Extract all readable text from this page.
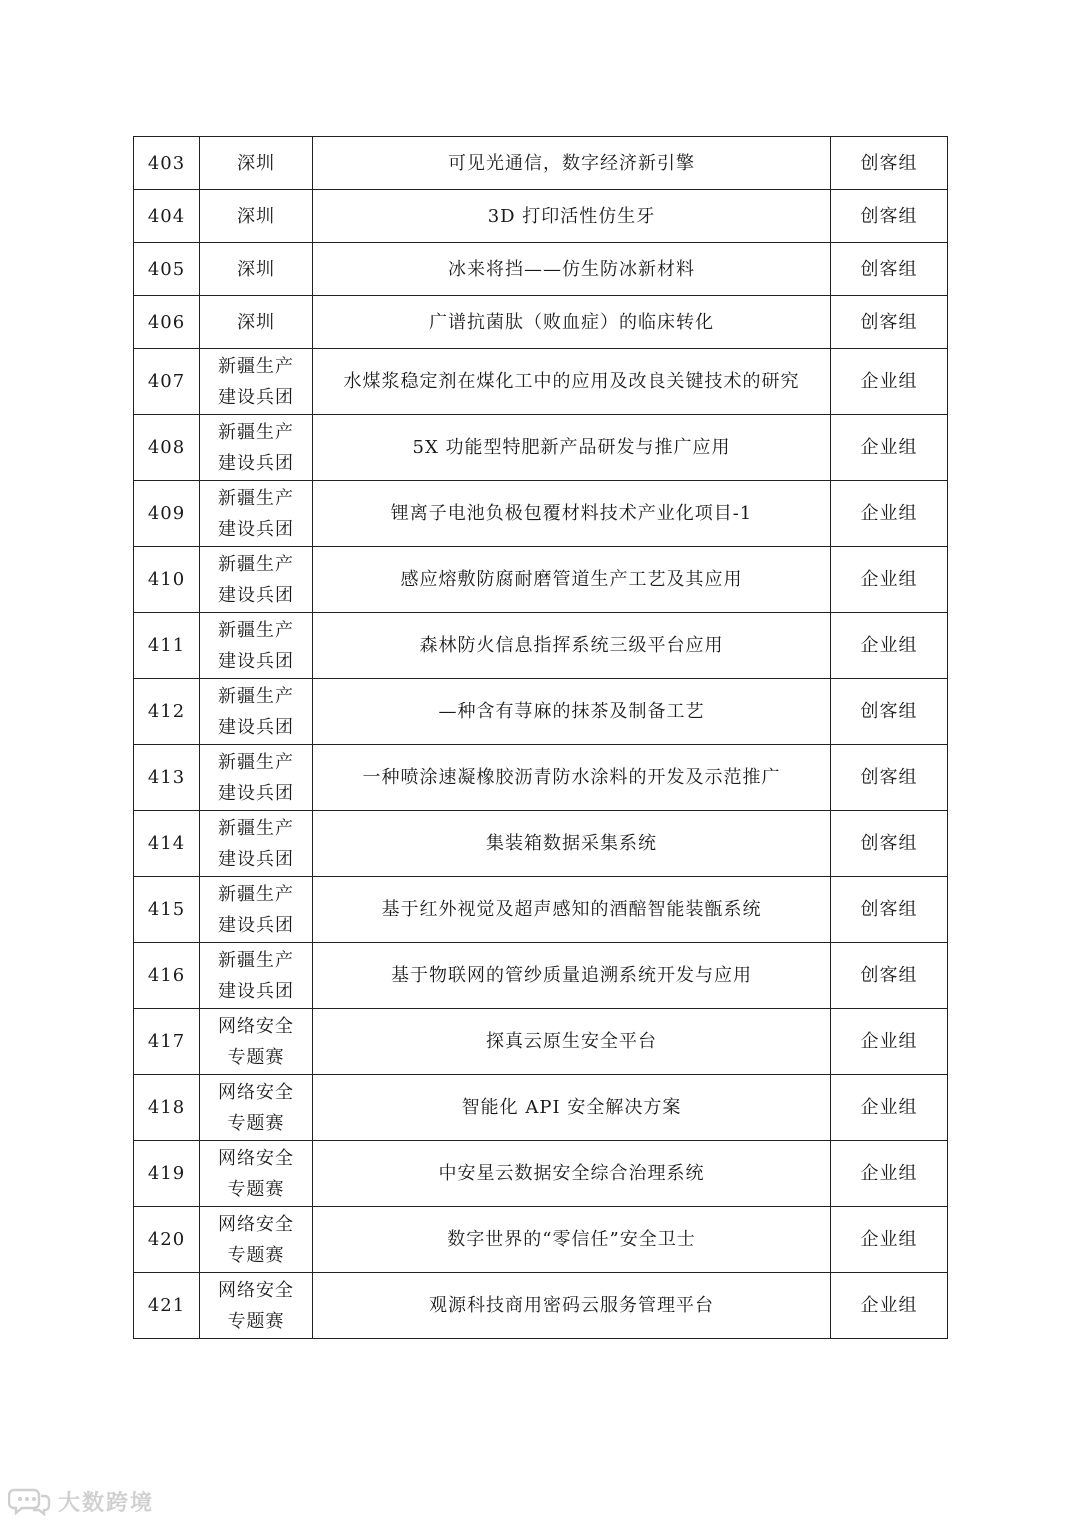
403	深圳	可见光通信，数字经济新引擎	创客组
404	深圳	3D 打印活性仿生牙	创客组
405	深圳	冰来将挡——仿生防冰新材料	创客组
406	深圳	广谱抗菌肽（败血症）的临床转化	创客组
407	新疆生产
建设兵团	水煤浆稳定剂在煤化工中的应用及改良关键技术的研究	企业组
408	新疆生产
建设兵团	5X 功能型特肥新产品研发与推广应用	企业组
409	新疆生产
建设兵团	锂离子电池负极包覆材料技术产业化项目-1	企业组
410	新疆生产
建设兵团	感应熔敷防腐耐磨管道生产工艺及其应用	企业组
411	新疆生产
建设兵团	森林防火信息指挥系统三级平台应用	企业组
412	新疆生产
建设兵团	—种含有荨麻的抹茶及制备工艺	创客组
413	新疆生产
建设兵团	一种喷涂速凝橡胶沥青防水涂料的开发及示范推广	创客组
414	新疆生产
建设兵团	集装箱数据采集系统	创客组
415	新疆生产
建设兵团	基于红外视觉及超声感知的酒醅智能装甑系统	创客组
416	新疆生产
建设兵团	基于物联网的管纱质量追溯系统开发与应用	创客组
417	网络安全
专题赛	探真云原生安全平台	企业组
418	网络安全
专题赛	智能化 API 安全解决方案	企业组
419	网络安全
专题赛	中安星云数据安全综合治理系统	企业组
420	网络安全
专题赛	数字世界的“零信任”安全卫士	企业组
421	网络安全
专题赛	观源科技商用密码云服务管理平台	企业组
大数跨境
